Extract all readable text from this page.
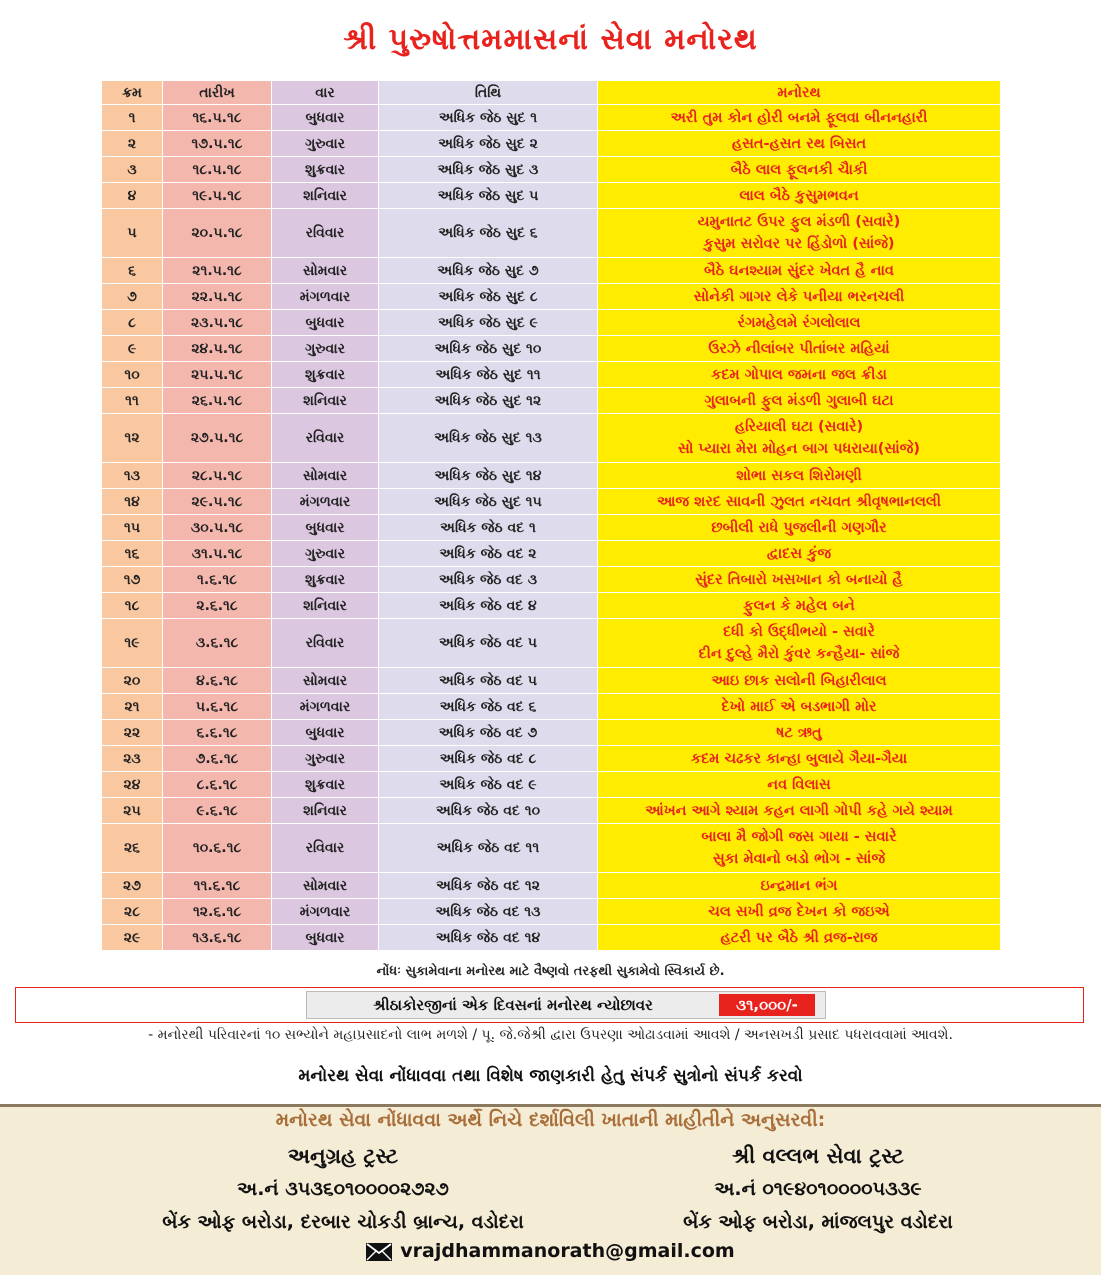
શ્રી પુરુષોત્તમમાસનાં સેવા મનોરથ
ક્રમ	તારીખ	વાર	તિથિ	મનોરથ
૧	૧૬.૫.૧૮	બુધવાર	અધિક જેઠ સુદ ૧	અરી તુમ કોન હોરી બનમે ફૂલવા બીનનહારી

૨	૧૭.૫.૧૮	ગુરુવાર	અધિક જેઠ સુદ ૨	હસત-હસત રથ બિસત

૩	૧૮.૫.૧૮	શુક્રવાર	અધિક જેઠ સુદ ૩	બૈઠે લાલ ફૂલનકી ચૈાકી

૪	૧૯.૫.૧૮	શનિવાર	અધિક જેઠ સુદ ૫	લાલ બૈઠે કુસુમભવન

૫	૨૦.૫.૧૮	રવિવાર	અધિક જેઠ સુદ ૬	યમુનાતટ ઉપર ફુલ મંડળી (સવારે)
કુસુમ સરોવર પર હિંડોળો (સાંજે)

૬	૨૧.૫.૧૮	સોમવાર	અધિક જેઠ સુદ ૭	બૈઠે ઘનશ્યામ સુંદર ખેવત હૈ નાવ

૭	૨૨.૫.૧૮	મંગળવાર	અધિક જેઠ સુદ ૮	સોનેકી ગાગર લેકે પનીયા ભરનચલી

૮	૨૩.૫.૧૮	બુધવાર	અધિક જેઠ સુદ ૯	રંગમહેલમે રંગલોલાલ

૯	૨૪.૫.૧૮	ગુરુવાર	અધિક જેઠ સુદ ૧૦	ઉરઝે નીલાંબર પીતાંબર મહિયાં

૧૦	૨૫.૫.૧૮	શુક્રવાર	અધિક જેઠ સુદ ૧૧	કદમ ગોપાલ જમના જલ ક્રીડા

૧૧	૨૬.૫.૧૮	શનિવાર	અધિક જેઠ સુદ ૧૨	ગુલાબની ફુલ મંડળી ગુલાબી ઘટા

૧૨	૨૭.૫.૧૮	રવિવાર	અધિક જેઠ સુદ ૧૩	હરિયાલી ઘટા (સવારે)
સો પ્યારા મેરા મોહન બાગ પધરાયા(સાંજે)

૧૩	૨૮.૫.૧૮	સોમવાર	અધિક જેઠ સુદ ૧૪	શોભા સકલ શિરોમણી

૧૪	૨૯.૫.૧૮	મંગળવાર	અધિક જેઠ સુદ ૧૫	આજ શરદ સાવની ઝુલત નચવત શ્રીવૃષભાનલલી

૧૫	૩૦.૫.૧૮	બુધવાર	અધિક જેઠ વદ ૧	છબીલી રાધે પુજલીની ગણગૌર

૧૬	૩૧.૫.૧૮	ગુરુવાર	અધિક જેઠ વદ ૨	દ્વાદસ કુંજ

૧૭	૧.૬.૧૮	શુક્રવાર	અધિક જેઠ વદ ૩	સુંદર તિબારો ખસખાન કો બનાયો હૈ

૧૮	૨.૬.૧૮	શનિવાર	અધિક જેઠ વદ ૪	ફુલન કે મહેલ બને

૧૯	૩.૬.૧૮	રવિવાર	અધિક જેઠ વદ ૫	દધી કો ઉદ્ધીભયો - સવારે
દીન દુલ્હે મૈરો કુંવર કન્હૈયા- સાંજે

૨૦	૪.૬.૧૮	સોમવાર	અધિક જેઠ વદ ૫	આઇ છાક સલોની બિહારીલાલ

૨૧	૫.૬.૧૮	મંગળવાર	અધિક જેઠ વદ ૬	દેખો માઈ એ બડભાગી મોર

૨૨	૬.૬.૧૮	બુધવાર	અધિક જેઠ વદ ૭	ષટ ઋતુ

૨૩	૭.૬.૧૮	ગુરુવાર	અધિક જેઠ વદ ૮	કદમ ચઢકર કાન્હા બુલાયે ગૈયા-ગૈયા

૨૪	૮.૬.૧૮	શુક્રવાર	અધિક જેઠ વદ ૯	નવ વિલાસ

૨૫	૯.૬.૧૮	શનિવાર	અધિક જેઠ વદ ૧૦	આંખન આગે શ્યામ કહન લાગી ગોપી કહે ગયે શ્યામ

૨૬	૧૦.૬.૧૮	રવિવાર	અધિક જેઠ વદ ૧૧	બાલા મૈ જોગી જસ ગાયા - સવારે
સુકા મેવાનો બડો ભોગ - સાંજે

૨૭	૧૧.૬.૧૮	સોમવાર	અધિક જેઠ વદ ૧૨	ઇન્દ્રમાન ભંગ

૨૮	૧૨.૬.૧૮	મંગળવાર	અધિક જેઠ વદ ૧૩	ચલ સખી વ્રજ દેખન કો જઇએ

૨૯	૧૩.૬.૧૮	બુધવાર	અધિક જેઠ વદ ૧૪	હટરી પર બૈઠે શ્રી વ્રજ-રાજ
નોંધઃ સુકામેવાના મનોરથ માટે વૈષ્ણવો તરફથી સુકામેવો સ્વિકાર્ય છે.
શ્રીઠાકોરજીનાં એક દિવસનાં મનોરથ ન્યોછાવર	૩૧,૦૦૦/-
- મનોરથી પરિવારનાં ૧૦ સભ્યોને મહાપ્રસાદનો લાભ મળશે / પૂ. જે.જેશ્રી દ્વારા ઉપરણા ઓઢાડવામાં આવશે / અનસખડી પ્રસાદ પધરાવવામાં આવશે.
મનોરથ સેવા નોંધાવવા તથા વિશેષ જાણકારી હેતુ સંપર્ક સુત્રોનો સંપર્ક કરવો
મનોરથ સેવા નોંધાવવા અર્થે નિચે દર્શાવિલી ખાતાની માહીતીને અનુસરવી:
અનુગ્રહ ટ્રસ્ટ
અ.નં ૩૫૩૬૦૧૦૦૦૦૨૭૨૭
બેંક ઓફ બરોડા, દરબાર ચોકડી બ્રાન્ચ, વડોદરા
શ્રી વલ્લભ સેવા ટ્રસ્ટ
અ.નં ૦૧૯૪૦૧૦૦૦૦૫૩૩૯
બેંક ઓફ બરોડા, માંજલપુર વડોદરા
vrajdhammanorath@gmail.com
